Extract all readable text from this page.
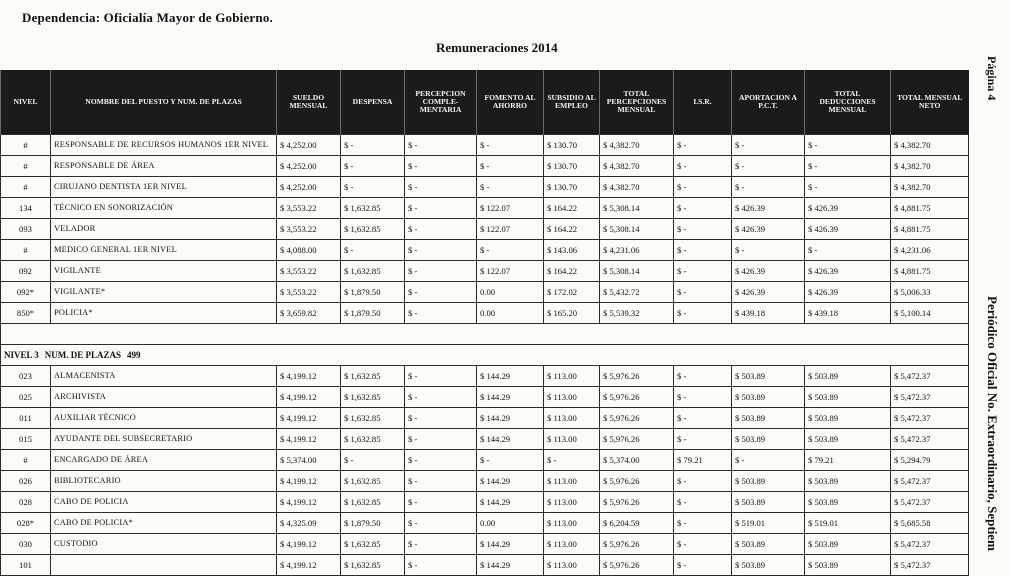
Dependencia: Oficialía Mayor de Gobierno.
Remuneraciones 2014
Página 4
Periódico Oficial No. Extraordinario, Septiem
NIVEL	NOMBRE DEL PUESTO Y NUM. DE PLAZAS	SUELDO MENSUAL	DESPENSA	PERCEPCION COMPLE-MENTARIA	FOMENTO AL AHORRO	SUBSIDIO AL EMPLEO	TOTAL PERCEPCIONES MENSUAL	I.S.R.	APORTACION A P.C.T.	TOTAL DEDUCCIONES MENSUAL	TOTAL MENSUAL NETO
#	RESPONSABLE DE RECURSOS HUMANOS 1ER NIVEL	$ 4,252.00	$ -	$ -	$ -	$ 130.70	$ 4,382.70	$ -	$ -	$ -	$ 4,382.70
#	RESPONSABLE DE ÁREA	$ 4,252.00	$ -	$ -	$ -	$ 130.70	$ 4,382.70	$ -	$ -	$ -	$ 4,382.70
#	CIRUJANO DENTISTA 1ER NIVEL	$ 4,252.00	$ -	$ -	$ -	$ 130.70	$ 4,382.70	$ -	$ -	$ -	$ 4,382.70
134	TÉCNICO EN SONORIZACIÓN	$ 3,553.22	$ 1,632.85	$ -	$ 122.07	$ 164.22	$ 5,308.14	$ -	$ 426.39	$ 426.39	$ 4,881.75
093	VELADOR	$ 3,553.22	$ 1,632.85	$ -	$ 122.07	$ 164.22	$ 5,308.14	$ -	$ 426.39	$ 426.39	$ 4,881.75
#	MEDICO GENERAL 1ER NIVEL	$ 4,088.00	$ -	$ -	$ -	$ 143.06	$ 4,231.06	$ -	$ -	$ -	$ 4,231.06
092	VIGILANTE	$ 3,553.22	$ 1,632.85	$ -	$ 122.07	$ 164.22	$ 5,308.14	$ -	$ 426.39	$ 426.39	$ 4,881.75
092*	VIGILANTE*	$ 3,553.22	$ 1,879.50	$ -	0.00	$ 172.02	$ 5,432.72	$ -	$ 426.39	$ 426.39	$ 5,006.33
850*	POLICIA*	$ 3,659.82	$ 1,879.50	$ -	0.00	$ 165.20	$ 5,539.32	$ -	$ 439.18	$ 439.18	$ 5,100.14

NIVEL 3 NUM. DE PLAZAS 499											
023	ALMACENISTA	$ 4,199.12	$ 1,632.85	$ -	$ 144.29	$ 113.00	$ 5,976.26	$ -	$ 503.89	$ 503.89	$ 5,472.37
025	ARCHIVISTA	$ 4,199.12	$ 1,632.85	$ -	$ 144.29	$ 113.00	$ 5,976.26	$ -	$ 503.89	$ 503.89	$ 5,472.37
011	AUXILIAR TÉCNICO	$ 4,199.12	$ 1,632.85	$ -	$ 144.29	$ 113.00	$ 5,976.26	$ -	$ 503.89	$ 503.89	$ 5,472.37
015	AYUDANTE DEL SUBSECRETARIO	$ 4,199.12	$ 1,632.85	$ -	$ 144.29	$ 113.00	$ 5,976.26	$ -	$ 503.89	$ 503.89	$ 5,472.37
#	ENCARGADO DE ÁREA	$ 5,374.00	$ -	$ -	$ -	$ -	$ 5,374.00	$ 79.21	$ -	$ 79.21	$ 5,294.79
026	BIBLIOTECARIO	$ 4,199.12	$ 1,632.85	$ -	$ 144.29	$ 113.00	$ 5,976.26	$ -	$ 503.89	$ 503.89	$ 5,472.37
028	CABO DE POLICIA	$ 4,199.12	$ 1,632.85	$ -	$ 144.29	$ 113.00	$ 5,976.26	$ -	$ 503.89	$ 503.89	$ 5,472.37
028*	CABO DE POLICIA*	$ 4,325.09	$ 1,879.50	$ -	0.00	$ 113.00	$ 6,204.59	$ -	$ 519.01	$ 519.01	$ 5,685.58
030	CUSTODIO	$ 4,199.12	$ 1,632.85	$ -	$ 144.29	$ 113.00	$ 5,976.26	$ -	$ 503.89	$ 503.89	$ 5,472.37
101		$ 4,199.12	$ 1,632.85	$ -	$ 144.29	$ 113.00	$ 5,976.26	$ -	$ 503.89	$ 503.89	$ 5,472.37
